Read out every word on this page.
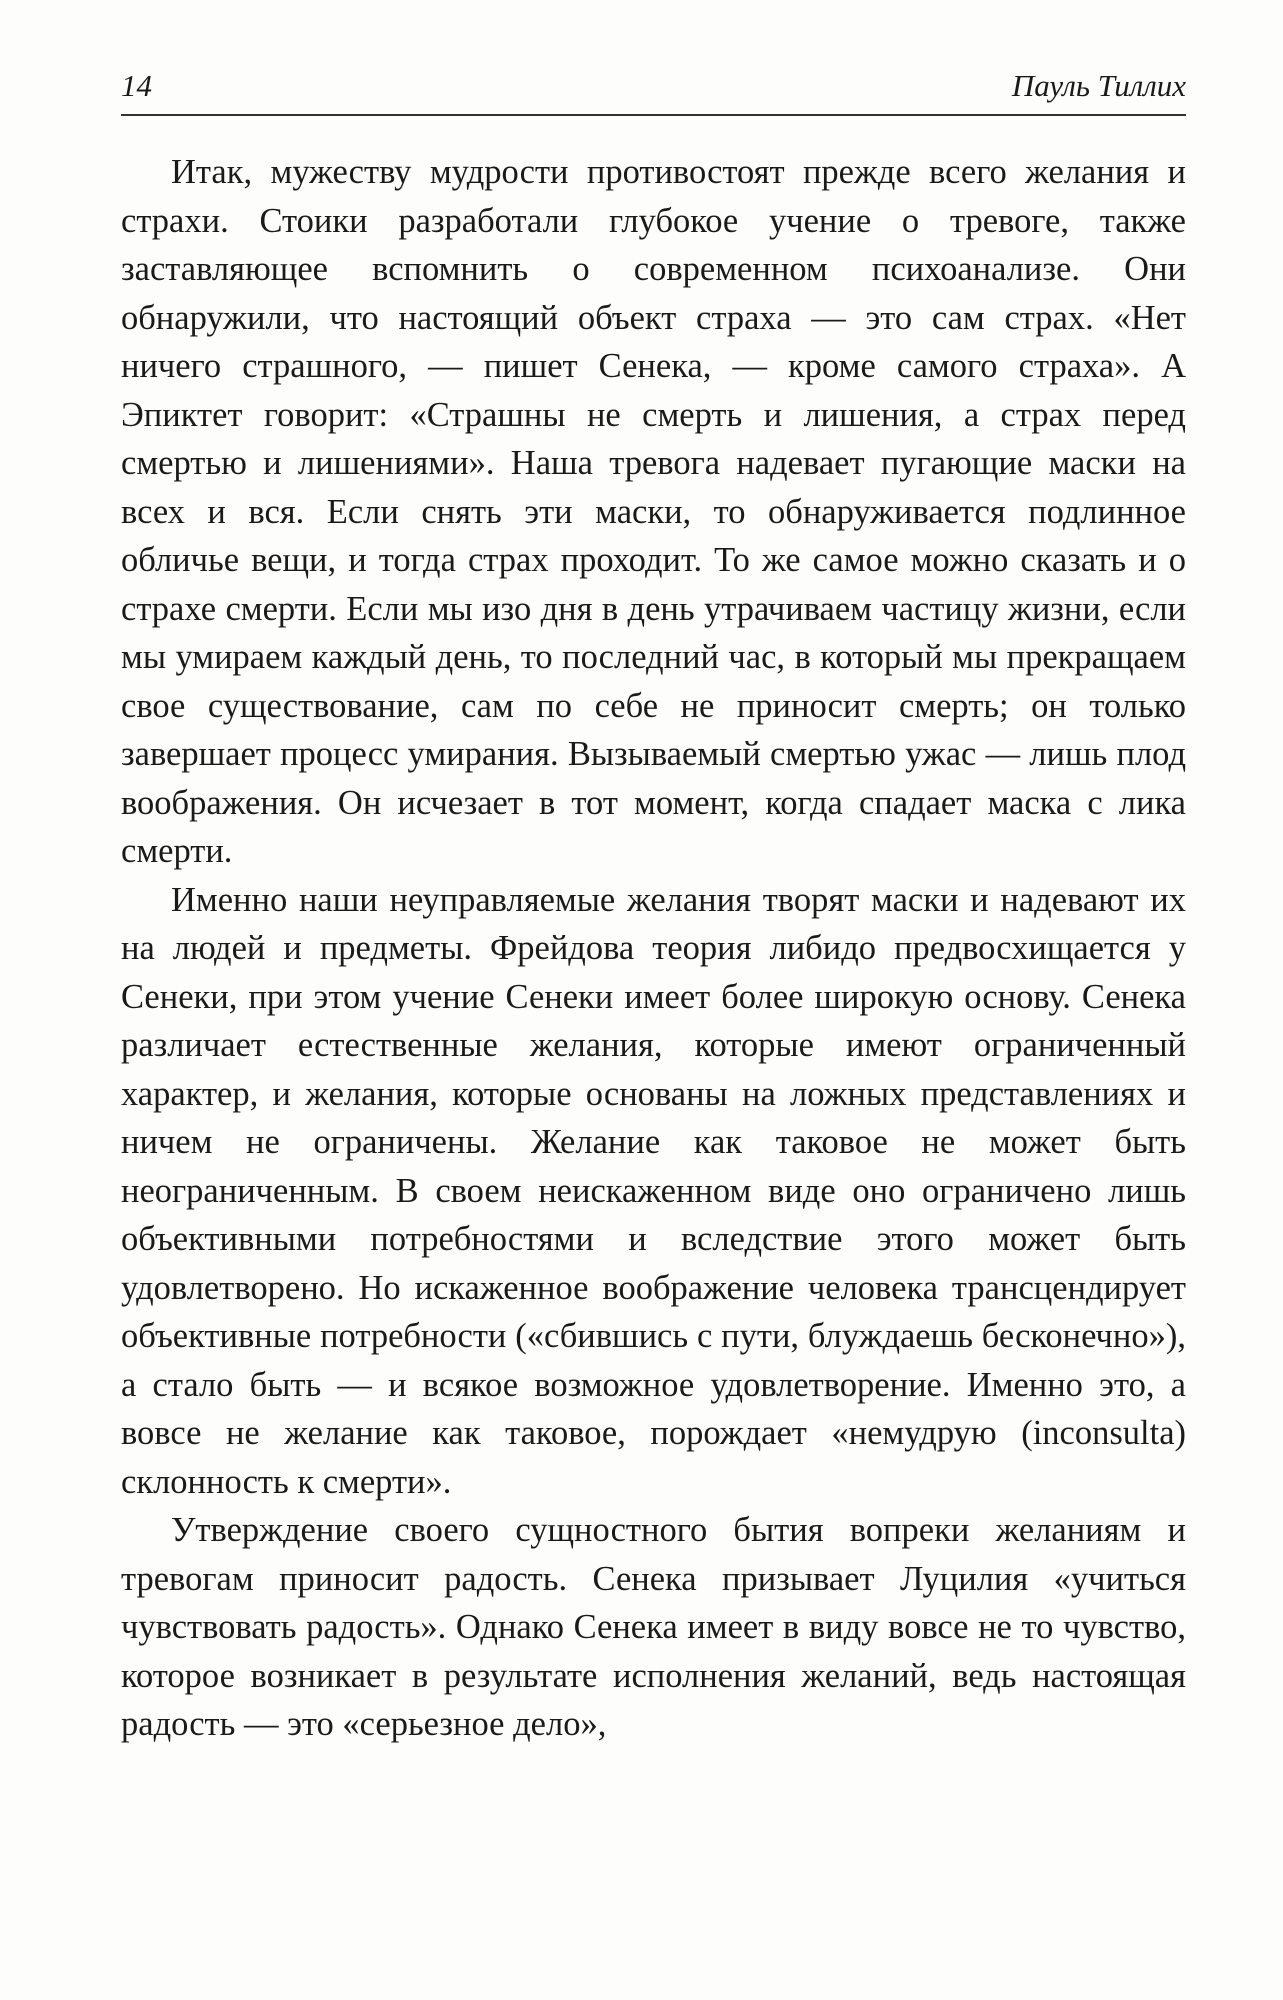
14	Пауль Тиллих

Итак, мужеству мудрости противостоят прежде всего желания и страхи. Стоики разработали глубокое учение о тревоге, также заставляющее вспомнить о современном психоанализе. Они обнаружили, что настоящий объект страха — это сам страх. «Нет ничего страшного, — пишет Сенека, — кроме самого страха». А Эпиктет говорит: «Страшны не смерть и лишения, а страх перед смертью и лишениями». Наша тревога надевает пугающие маски на всех и вся. Если снять эти маски, то обнаруживается подлинное обличье вещи, и тогда страх проходит. То же самое можно сказать и о страхе смерти. Если мы изо дня в день утрачиваем частицу жизни, если мы умираем каждый день, то последний час, в который мы прекращаем свое существование, сам по себе не приносит смерть; он только завершает процесс умирания. Вызываемый смертью ужас — лишь плод воображения. Он исчезает в тот момент, когда спадает маска с лика смерти.

Именно наши неуправляемые желания творят маски и надевают их на людей и предметы. Фрейдова теория либидо предвосхищается у Сенеки, при этом учение Сенеки имеет более широкую основу. Сенека различает естественные желания, которые имеют ограниченный характер, и желания, которые основаны на ложных представлениях и ничем не ограничены. Желание как таковое не может быть неограниченным. В своем неискаженном виде оно ограничено лишь объективными потребностями и вследствие этого может быть удовлетворено. Но искаженное воображение человека трансцендирует объективные потребности («сбившись с пути, блуждаешь бесконечно»), а стало быть — и всякое возможное удовлетворение. Именно это, а вовсе не желание как таковое, порождает «немудрую (inconsulta) склонность к смерти».

Утверждение своего сущностного бытия вопреки желаниям и тревогам приносит радость. Сенека призывает Луцилия «учиться чувствовать радость». Однако Сенека имеет в виду вовсе не то чувство, которое возникает в результате исполнения желаний, ведь настоящая радость — это «серьезное дело»,
